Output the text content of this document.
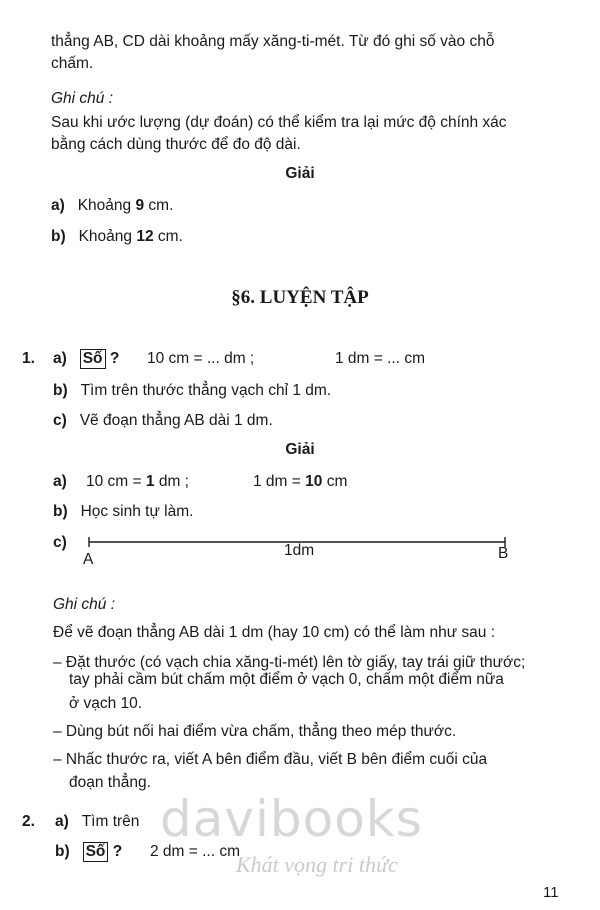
thẳng AB, CD dài khoảng mấy xăng-ti-mét. Từ đó ghi số vào chỗ
chấm.
Ghi chú :
Sau khi ước lượng (dự đoán) có thể kiểm tra lại mức độ chính xác
bằng cách dùng thước để đo độ dài.
Giải
a) Khoảng 9 cm.
b) Khoảng 12 cm.
§6. LUYỆN TẬP
1. a) Số ? 10 cm = ... dm ;	1 dm = ... cm
b) Tìm trên thước thẳng vạch chỉ 1 dm.
c) Vẽ đoạn thẳng AB dài 1 dm.
Giải
a) 10 cm = 1 dm ;	1 dm = 10 cm
b) Học sinh tự làm.
c)
A
1dm	B
Ghi chú :
Để vẽ đoạn thẳng AB dài 1 dm (hay 10 cm) có thể làm như sau :
– Đặt thước (có vạch chia xăng-ti-mét) lên tờ giấy, tay trái giữ thước;
tay phải cầm bút chấm một điểm ở vạch 0, chấm một điểm nữa
ở vạch 10.
– Dùng bút nối hai điểm vừa chấm, thẳng theo mép thước.
– Nhấc thước ra, viết A bên điểm đầu, viết B bên điểm cuối của
đoạn thẳng.
2. a) Tìm trên
b) Số ? 2 dm = ... cm
davibooks
Khát vọng tri thức
11
